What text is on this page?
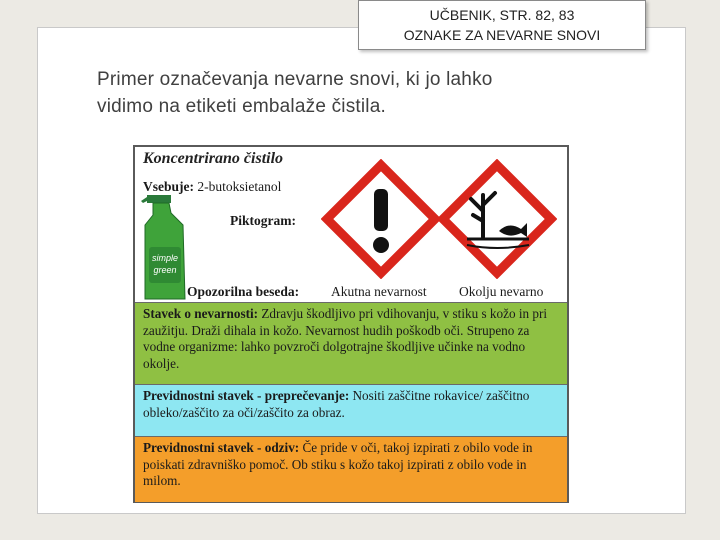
UČBENIK, STR. 82, 83
OZNAKE ZA NEVARNE SNOVI
Primer označevanja nevarne snovi, ki jo lahko
vidimo na etiketi embalaže čistila.
Koncentrirano čistilo
Vsebuje: 2-butoksietanol
Piktogram:
simple
green
Opozorilna beseda: Akutna nevarnost Okolju nevarno
Stavek o nevarnosti: Zdravju škodljivo pri vdihovanju, v stiku s kožo in pri zaužitju. Draži dihala in kožo. Nevarnost hudih poškodb oči. Strupeno za vodne organizme: lahko povzroči dolgotrajne škodljive učinke na vodno okolje.
Previdnostni stavek - preprečevanje: Nositi zaščitne rokavice/ zaščitno obleko/zaščito za oči/zaščito za obraz.
Previdnostni stavek - odziv: Če pride v oči, takoj izpirati z obilo vode in poiskati zdravniško pomoč. Ob stiku s kožo takoj izpirati z obilo vode in milom.
